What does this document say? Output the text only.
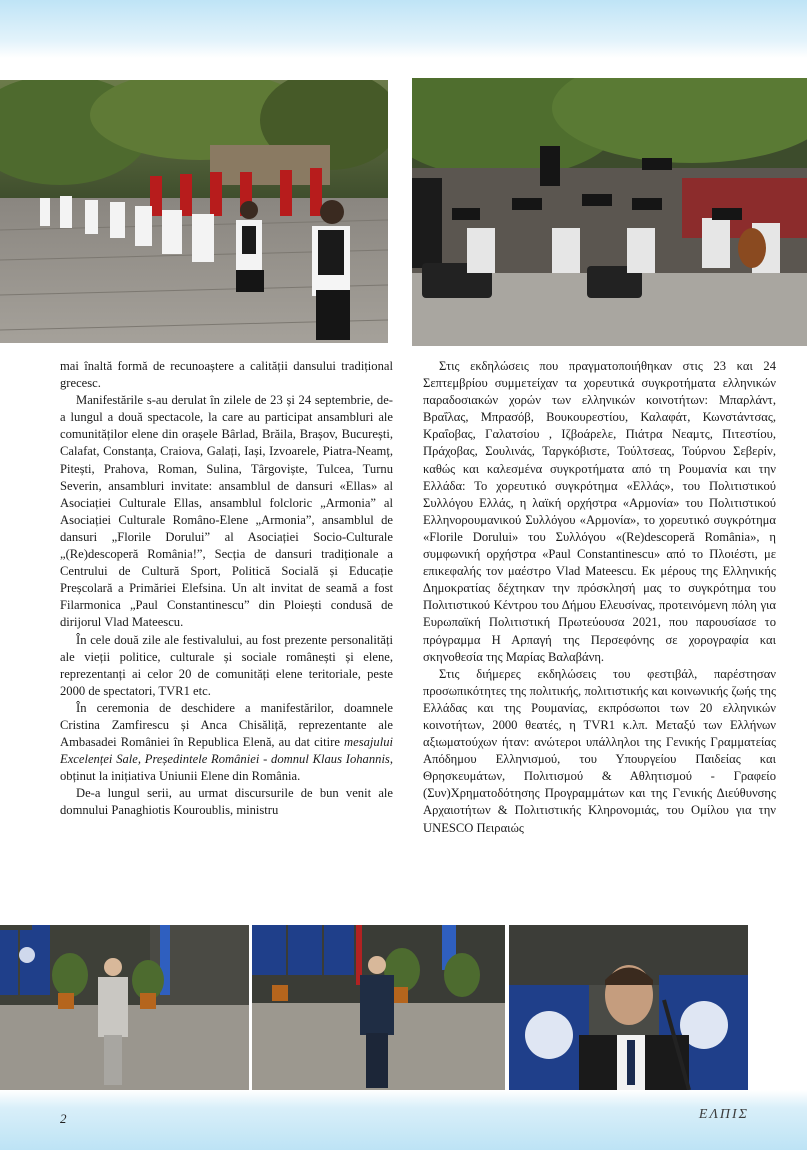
mai înaltă formă de recunoaștere a calității dansului tradițional grecesc.

Manifestările s-au derulat în zilele de 23 și 24 septembrie, de-a lungul a două spectacole, la care au participat ansambluri ale comunităților elene din orașele Bârlad, Brăila, Brașov, București, Calafat, Constanța, Craiova, Galați, Iași, Izvoarele, Piatra-Neamț, Pitești, Prahova, Roman, Sulina, Târgoviște, Tulcea, Turnu Severin, ansambluri invitate: ansamblul de dansuri «Ellas» al Asociației Culturale Ellas, ansamblul folcloric „Armonia” al Asociației Culturale Româno-Elene „Armonia”, ansamblul de dansuri „Florile Dorului” al Asociației Socio-Culturale „(Re)descoperă România!”, Secția de dansuri tradiționale a Centrului de Cultură Sport, Politică Socială și Educație Preșcolară a Primăriei Elefsina. Un alt invitat de seamă a fost Filarmonica „Paul Constantinescu” din Ploiești condusă de dirijorul Vlad Mateescu.

În cele două zile ale festivalului, au fost prezente personalități ale vieții politice, culturale și sociale românești și elene, reprezentanți ai celor 20 de comunități elene teritoriale, peste 2000 de spectatori, TVR1 etc.

În ceremonia de deschidere a manifestărilor, doamnele Cristina Zamfirescu și Anca Chisăliță, reprezentante ale Ambasadei României în Republica Elenă, au dat citire mesajului Excelenței Sale, Președintele României - domnul Klaus Iohannis, obținut la inițiativa Uniunii Elene din România.

De-a lungul serii, au urmat discursurile de bun venit ale domnului Panaghiotis Kouroublis, ministru

Στις εκδηλώσεις που πραγματοποιήθηκαν στις 23 και 24 Σεπτεμβρίου συμμετείχαν τα χορευτικά συγκροτήματα ελληνικών παραδοσιακών χορών των ελληνικών κοινοτήτων: Μπαρλάντ, Βραΐλας, Μπρασόβ, Βουκουρεστίου, Καλαφάτ, Κωνστάντσας, Κραΐοβας, Γαλατσίου , Ιζβοάρελε, Πιάτρα Νεαμτς, Πιτεστίου, Πράχοβας, Σουλινάς, Ταργκόβιστε, Τούλτσεας, Τούρνου Σεβερίν, καθώς και καλεσμένα συγκροτήματα από τη Ρουμανία και την Ελλάδα: Το χορευτικό συγκρότημα «Ελλάς», του Πολιτιστικού Συλλόγου Ελλάς, η λαϊκή ορχήστρα «Αρμονία» του Πολιτιστικού Ελληνορουμανικού Συλλόγου «Αρμονία», το χορευτικό συγκρότημα «Florile Dorului» του Συλλόγου «(Re)descoperă România», η συμφωνική ορχήστρα «Paul Constantinescu» από το Πλοιέστι, με επικεφαλής τον μαέστρο Vlad Mateescu. Εκ μέρους της Ελληνικής Δημοκρατίας δέχτηκαν την πρόσκλησή μας το συγκρότημα του Πολιτιστικού Κέντρου του Δήμου Ελευσίνας, προτεινόμενη πόλη για Ευρωπαϊκή Πολιτιστική Πρωτεύουσα 2021, που παρουσίασε το πρόγραμμα Η Αρπαγή της Περσεφόνης σε χορογραφία και σκηνοθεσία της Μαρίας Βαλαβάνη.

Στις διήμερες εκδηλώσεις του φεστιβάλ, παρέστησαν προσωπικότητες της πολιτικής, πολιτιστικής και κοινωνικής ζωής της Ελλάδας και της Ρουμανίας, εκπρόσωποι των 20 ελληνικών κοινοτήτων, 2000 θεατές, η TVR1 κ.λπ. Μεταξύ των Ελλήνων αξιωματούχων ήταν: ανώτεροι υπάλληλοι της Γενικής Γραμματείας Απόδημου Ελληνισμού, του Υπουργείου Παιδείας και Θρησκευμάτων, Πολιτισμού & Αθλητισμού - Γραφείο (Συν)Χρηματοδότησης Προγραμμάτων και της Γενικής Διεύθυνσης Αρχαιοτήτων & Πολιτιστικής Κληρονομιάς, του Ομίλου για την UNESCO Πειραιώς

2	ΕΛΠΙΣ
